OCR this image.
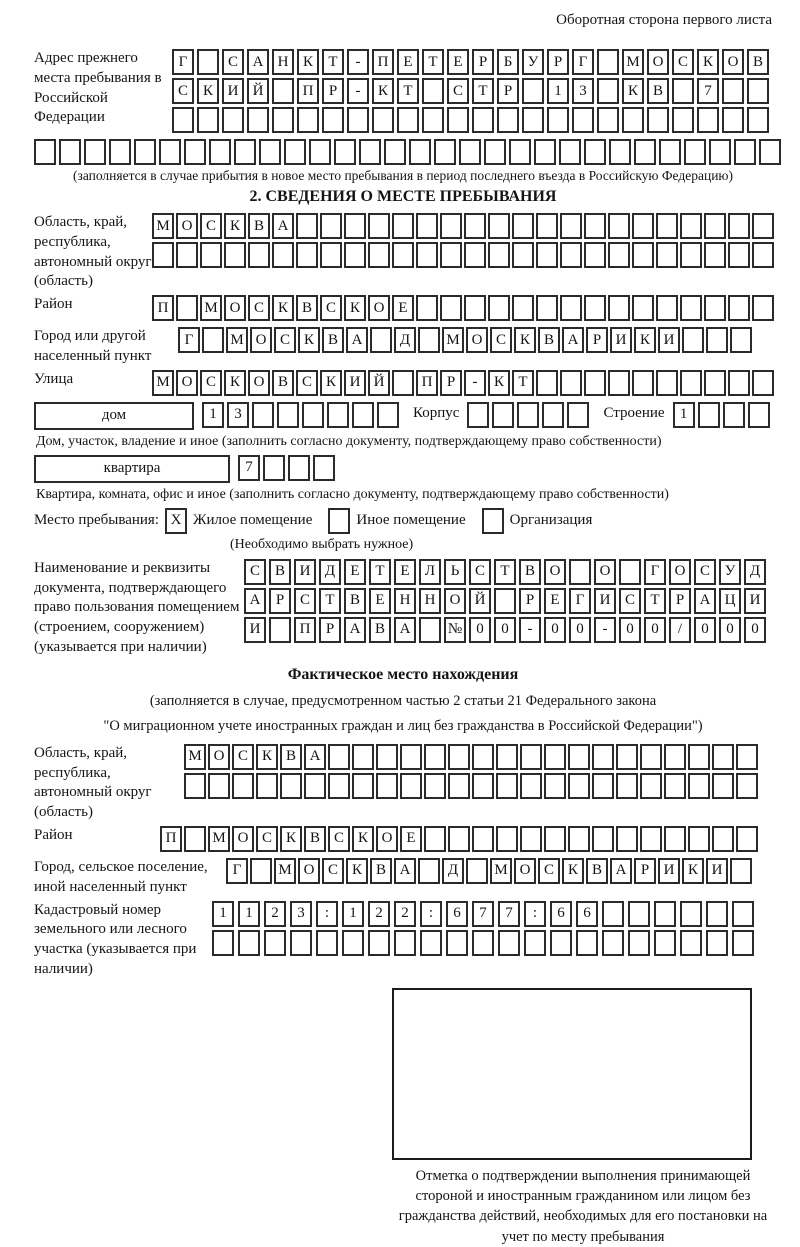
Оборотная сторона первого листа
Адрес прежнего места пребывания в Российской Федерации
Г	С А Н К	Т	-	П Е	Т	Е	Р	Б	У	Р	Г	М О С К О В
С К И Й	П	Р	-	К	Т	С	Т	Р	1	3	К В	7
(заполняется в случае прибытия в новое место пребывания в период последнего въезда в Российскую Федерацию)
2. СВЕДЕНИЯ О МЕСТЕ ПРЕБЫВАНИЯ
Область, край, республика, автономный округ (область)
М О С К В А
Район	П	М О С К В С К О Е
Город или другой населенный пункт
Г	М О С К В А	Д	М О С К В А Р И К И
Улица	М О С К О В С К И Й	П Р	-	К Т
дом	1	3	Корпус	Строение	1
Дом, участок, владение и иное (заполнить согласно документу, подтверждающему право собственности)
квартира	7
Квартира, комната, офис и иное (заполнить согласно документу, подтверждающему право собственности)
Место пребывания: X Жилое помещение	Иное помещение	Организация
(Необходимо выбрать нужное)
Наименование и реквизиты документа, подтверждающего право пользования помещением (строением, сооружением) (указывается при наличии)
С В И Д	Е	Т	Е	Л	Ь	С	Т	В О	О	Г	О С У Д
А	Р	С	Т	В	Е	Н Н О Й	Р	Е	Г	И С	Т	Р	А Ц И
И	П	Р	А В А	№ 0	0	-	0	0	-	0	0	/	0	0	0
Фактическое место нахождения
(заполняется в случае, предусмотренном частью 2 статьи 21 Федерального закона
"О миграционном учете иностранных граждан и лиц без гражданства в Российской Федерации")
Область, край, республика, автономный округ (область)
М О С К В А
Район	П	М О С К В С К О Е
Город, сельское поселение, иной населенный пункт
Г	М О С К В А	Д	М О С К В А Р И К И
Кадастровый номер земельного или лесного участка (указывается при наличии)
1	1	2	3	:	1	2	2	:	6	7	7	:	6	6
Отметка о подтверждении выполнения принимающей стороной и иностранным гражданином или лицом без гражданства действий, необходимых для его постановки на учет по месту пребывания
